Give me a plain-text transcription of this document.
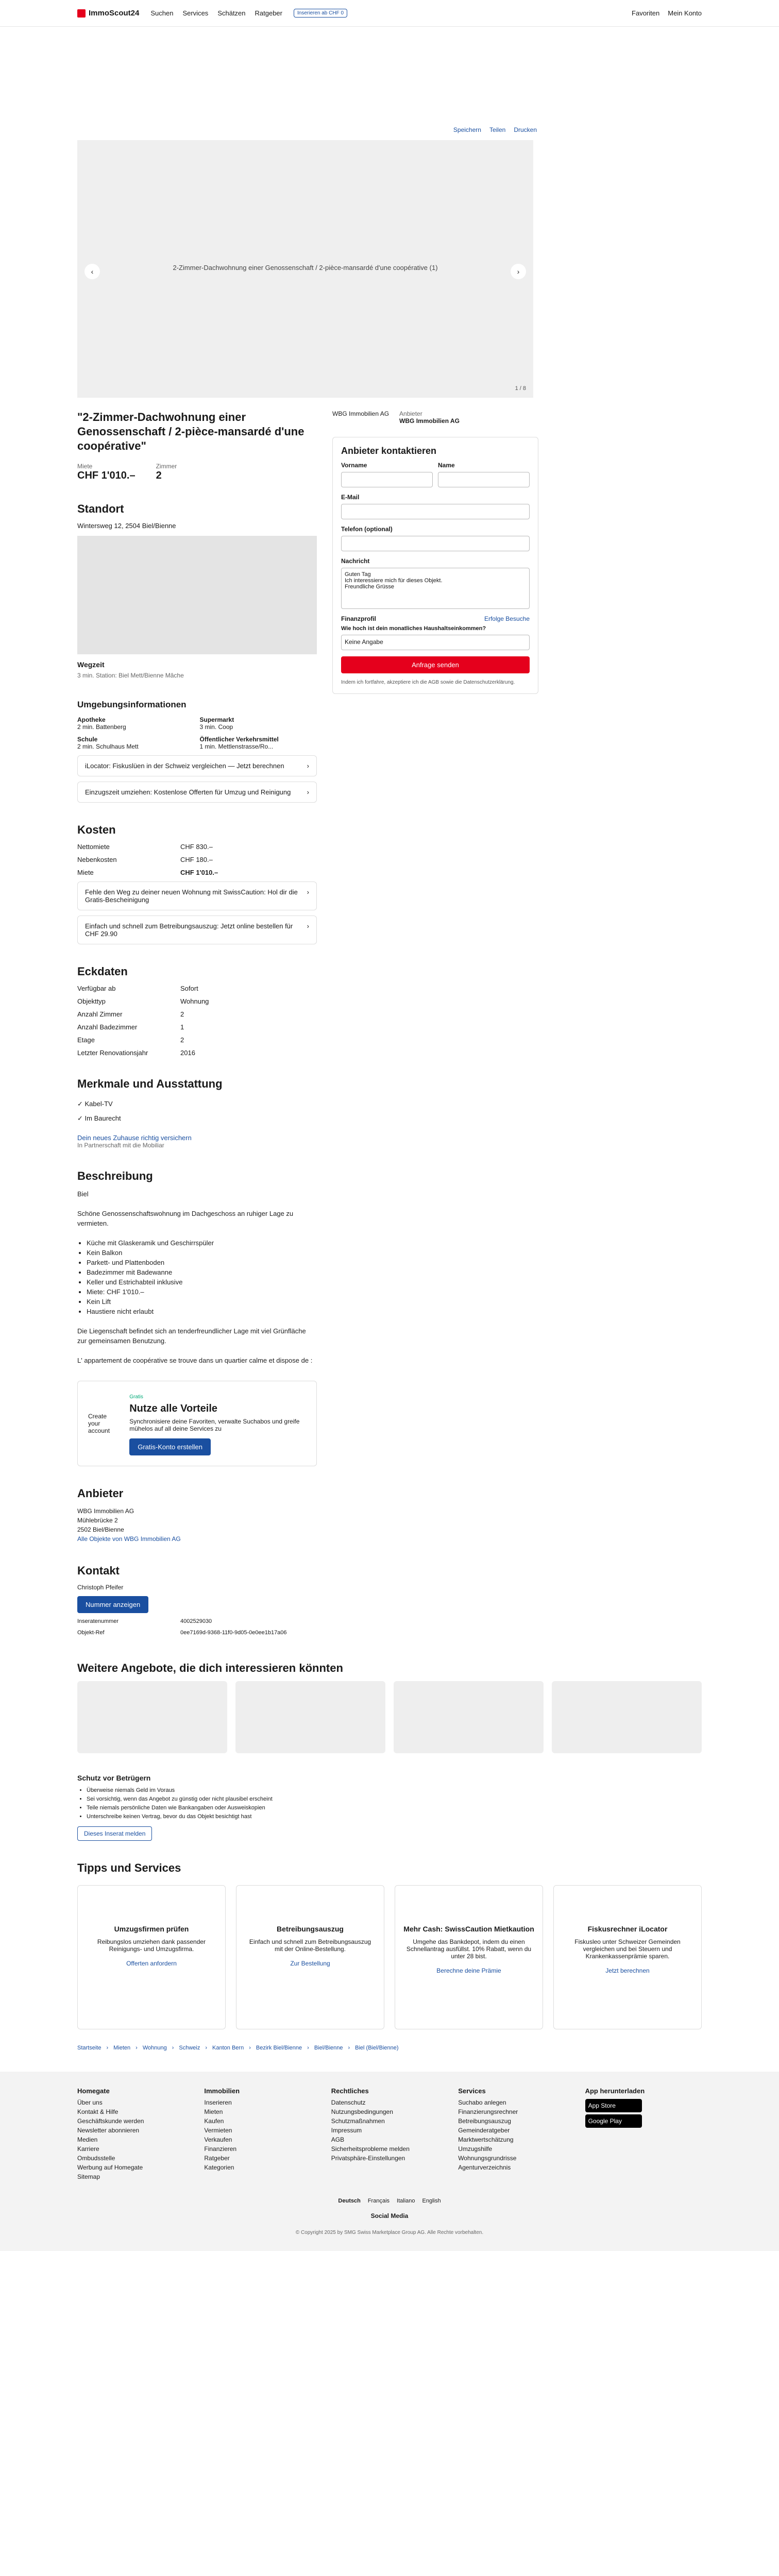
ImmoScout24 Suchen Services Schätzen Ratgeber	Inserieren ab CHF 0	Favoriten Mein Konto
Speichern Teilen Drucken
‹	2-Zimmer-Dachwohnung einer Genossenschaft / 2-pièce-mansardé d'une coopérative (1)	›
1 / 8
"2-Zimmer-Dachwohnung einer Genossenschaft / 2-pièce-mansardé d'une coopérative"
Miete
CHF 1'010.–
Zimmer
2
Standort
Wintersweg 12, 2504 Biel/Bienne
Wegzeit
3 min. Station: Biel Mett/Bienne Mâche
Umgebungsinformationen
Apotheke
2 min. Battenberg
Supermarkt
3 min. Coop
Schule
2 min. Schulhaus Mett
Öffentlicher Verkehrsmittel
1 min. Mettlenstrasse/Ro...
iLocator: Fiskuslüen in der Schweiz vergleichen — Jetzt berechnen	›
Einzugszeit umziehen: Kostenlose Offerten für Umzug und Reinigung ›
Kosten
Nettomiete	CHF 830.–
Nebenkosten	CHF 180.–
Miete	CHF 1'010.–
Fehle den Weg zu deiner neuen Wohnung mit SwissCaution: Hol dir die Gratis-Bescheinigung
›
Einfach und schnell zum Betreibungsauszug: Jetzt online bestellen für CHF 29.90
›
Eckdaten
Verfügbar ab	Sofort
Objekttyp	Wohnung
Anzahl Zimmer	2
Anzahl Badezimmer	1
Etage	2
Letzter Renovationsjahr	2016
Merkmale und Ausstattung
✓ Kabel-TV
✓ Im Baurecht
Dein neues Zuhause richtig versichern
In Partnerschaft mit die Mobiliar
Beschreibung

Biel

Schöne Genossenschaftswohnung im Dachgeschoss an ruhiger Lage zu vermieten.

• Küche mit Glaskeramik und Geschirrspüler
• Kein Balkon
• Parkett- und Plattenboden
• Badezimmer mit Badewanne
• Keller und Estrichabteil inklusive
• Miete: CHF 1'010.–
• Kein Lift
• Haustiere nicht erlaubt

Die Liegenschaft befindet sich an tenderfreundlicher Lage mit viel Grünfläche zur gemeinsamen Benutzung.

L' appartement de coopérative se trouve dans un quartier calme et dispose de :

Create your account
Gratis
Nutze alle Vorteile
Synchronisiere deine Favoriten, verwalte Suchabos und greife mühelos auf all deine Services zu
Gratis-Konto erstellen
Anbieter
WBG Immobilien AG
Mühlebrücke 2
2502 Biel/Bienne
Alle Objekte von WBG Immobilien AG
Kontakt
Christoph Pfeifer
Nummer anzeigen
Inseratenummer	4002529030
Objekt-Ref	0ee7169d-9368-11f0-9d05-0e0ee1b17a06
WBG Immobilien AG Anbieter
WBG Immobilien AG
Anbieter kontaktieren
Vorname	Name
E-Mail
Telefon (optional)
Nachricht
Guten Tag
Ich interessiere mich für dieses Objekt.
Freundliche Grüsse
Finanzprofil	Erfolge Besuche
Wie hoch ist dein monatliches Haushaltseinkommen?
Keine Angabe
Anfrage senden
Indem ich fortfahre, akzeptiere ich die AGB sowie die Datenschutzerklärung.
Weitere Angebote, die dich interessieren könnten
Schutz vor Betrügern
• Überweise niemals Geld im Voraus
• Sei vorsichtig, wenn das Angebot zu günstig oder nicht plausibel erscheint
• Teile niemals persönliche Daten wie Bankangaben oder Ausweiskopien
• Unterschreibe keinen Vertrag, bevor du das Objekt besichtigt hast
Dieses Inserat melden
Tipps und Services
Umzugsfirmen prüfen

Reibungslos umziehen dank passender Reinigungs- und Umzugsfirma.

Offerten anfordern
Betreibungsauszug

Einfach und schnell zum Betreibungsauszug mit der Online-Bestellung.

Zur Bestellung
Mehr Cash: SwissCaution Mietkaution

Umgehe das Bankdepot, indem du einen Schnellantrag ausfüllst. 10% Rabatt, wenn du unter 28 bist.

Berechne deine Prämie
Fiskusrechner iLocator

Fiskusleo unter Schweizer Gemeinden vergleichen und bei Steuern und Krankenkassenprämie sparen.

Jetzt berechnen
Startseite › Mieten › Wohnung › Schweiz › Kanton Bern › Bezirk Biel/Bienne › Biel/Bienne › Biel (Biel/Bienne)
Homegate
Über uns
Kontakt & Hilfe
Geschäftskunde werden
Newsletter abonnieren
Medien
Karriere
Ombudsstelle
Werbung auf Homegate
Sitemap
Immobilien
Inserieren
Mieten
Kaufen
Vermieten
Verkaufen
Finanzieren
Ratgeber
Kategorien
Rechtliches
Datenschutz
Nutzungsbedingungen
Schutzmaßnahmen
Impressum
AGB
Sicherheitsprobleme melden
Privatsphäre-Einstellungen
Services
Suchabo anlegen
Finanzierungsrechner
Betreibungsauszug
Gemeinderatgeber
Marktwertschätzung
Umzugshilfe
Wohnungsgrundrisse
Agenturverzeichnis
App herunterladen
App Store
Google Play
Deutsch Français Italiano English
Social Media
© Copyright 2025 by SMG Swiss Marketplace Group AG. Alle Rechte vorbehalten.
